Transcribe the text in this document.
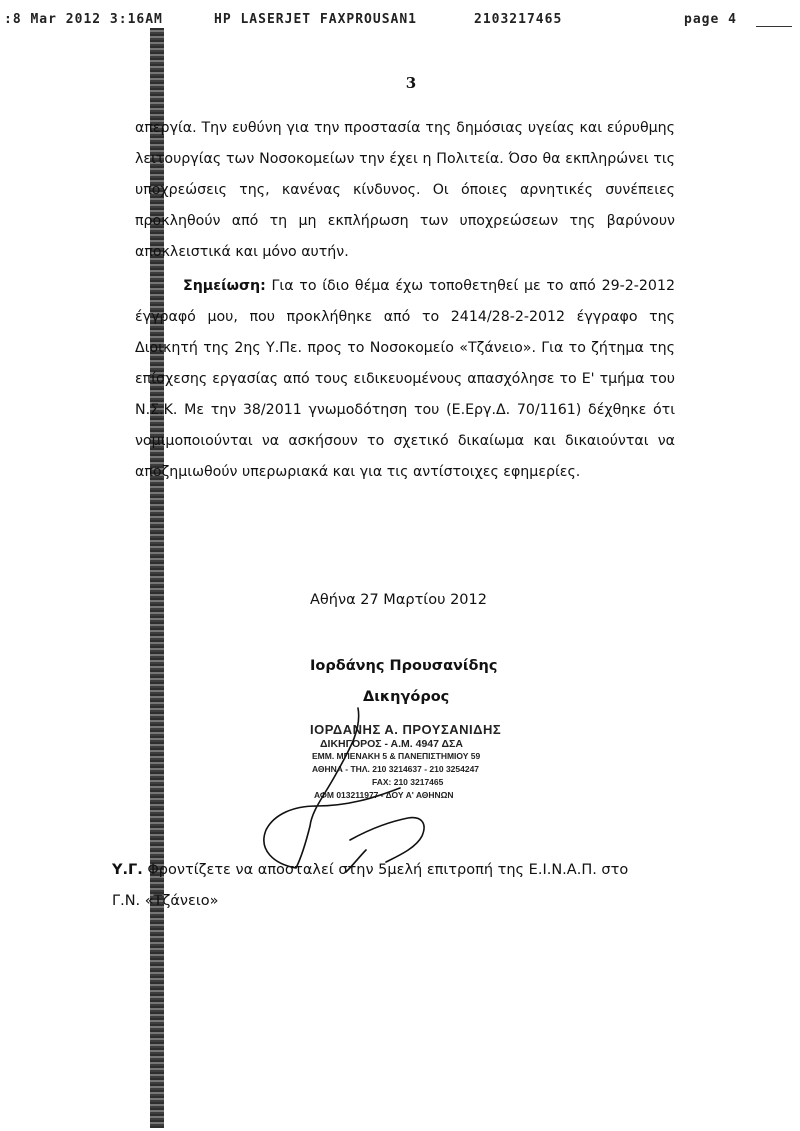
:8 Mar 2012 3:16AM	HP LASERJET FAXPROUSAN1	2103217465	page 4
3

απεργία. Την ευθύνη για την προστασία της δημόσιας υγείας και εύρυθμης λειτουργίας των Νοσοκομείων την έχει η Πολιτεία. Όσο θα εκπληρώνει τις υποχρεώσεις της, κανένας κίνδυνος. Οι όποιες αρνητικές συνέπειες προκληθούν από τη μη εκπλήρωση των υποχρεώσεων της βαρύνουν αποκλειστικά και μόνο αυτήν.

Σημείωση: Για το ίδιο θέμα έχω τοποθετηθεί με το από 29-2-2012 έγγραφό μου, που προκλήθηκε από το 2414/28-2-2012 έγγραφο της Διοικητή της 2ης Υ.Πε. προς το Νοσοκομείο «Τζάνειο». Για το ζήτημα της επίσχεσης εργασίας από τους ειδικευομένους απασχόλησε το Ε' τμήμα του Ν.Σ.Κ. Με την 38/2011 γνωμοδότηση του (Ε.Εργ.Δ. 70/1161) δέχθηκε ότι νομιμοποιούνται να ασκήσουν το σχετικό δικαίωμα και δικαιούνται να αποζημιωθούν υπερωριακά και για τις αντίστοιχες εφημερίες.

Αθήνα 27 Μαρτίου 2012
Ιορδάνης Προυσανίδης
Δικηγόρος
ΙΟΡΔΑΝΗΣ Α. ΠΡΟΥΣΑΝΙΔΗΣ
ΔΙΚΗΓΟΡΟΣ - Α.Μ. 4947 ΔΣΑ
ΕΜΜ. ΜΠΕΝΑΚΗ 5 & ΠΑΝΕΠΙΣΤΗΜΙΟΥ 59
ΑΘΗΝΑ - ΤΗΛ. 210 3214637 - 210 3254247
FAX: 210 3217465
ΑΦΜ 013211977 - ΔΟΥ Α' ΑΘΗΝΩΝ

Υ.Γ. Φροντίζετε να αποσταλεί στην 5μελή επιτροπή της Ε.Ι.Ν.Α.Π. στο

Γ.Ν. «Τζάνειο»
